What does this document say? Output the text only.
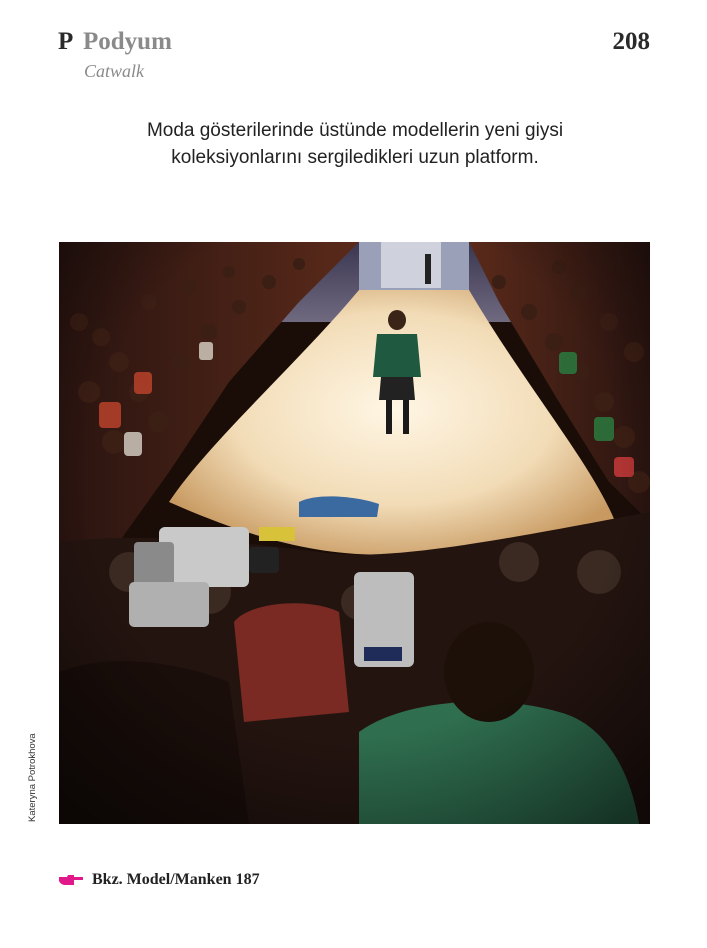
P Podyum
Catwalk
208
Moda gösterilerinde üstünde modellerin yeni giysi
koleksiyonlarını sergiledikleri uzun platform.
Kateryna Potrokhova
Bkz. Model/Manken 187
